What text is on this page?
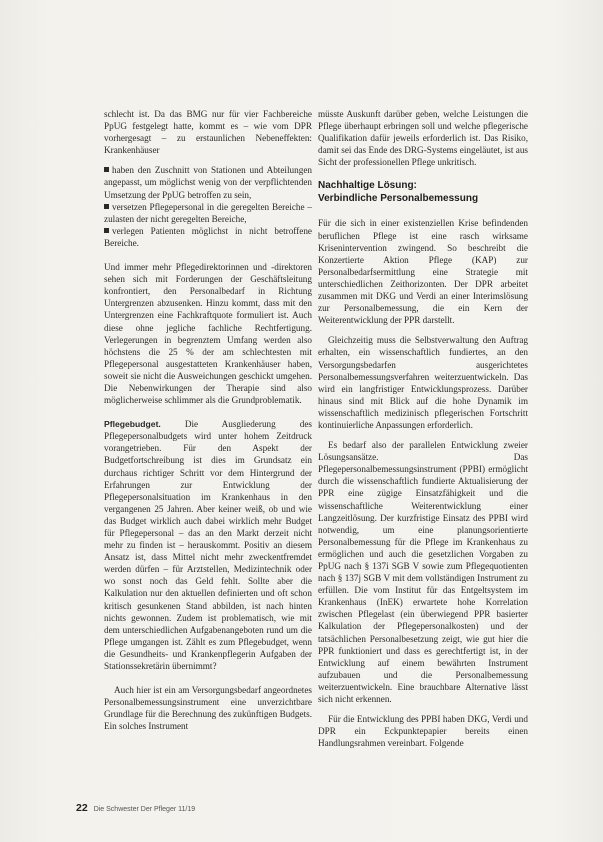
schlecht ist. Da das BMG nur für vier Fachbereiche PpUG festgelegt hatte, kommt es – wie vom DPR vorhergesagt – zu erstaunlichen Nebeneffekten: Krankenhäuser

haben den Zuschnitt von Stationen und Abteilungen angepasst, um möglichst wenig von der verpflichtenden Umsetzung der PpUG betroffen zu sein,
versetzen Pflegepersonal in die geregelten Bereiche – zulasten der nicht geregelten Bereiche,
verlegen Patienten möglichst in nicht betroffene Bereiche.

Und immer mehr Pflegedirektorinnen und -direktoren sehen sich mit Forderungen der Geschäftsleitung konfrontiert, den Personalbedarf in Richtung Untergrenzen abzusenken. Hinzu kommt, dass mit den Untergrenzen eine Fachkraftquote formuliert ist. Auch diese ohne jegliche fachliche Rechtfertigung. Verlegerungen in begrenztem Umfang werden also höchstens die 25 % der am schlechtesten mit Pflegepersonal ausgestatteten Krankenhäuser haben, soweit sie nicht die Ausweichungen geschickt umgehen. Die Nebenwirkungen der Therapie sind also möglicherweise schlimmer als die Grundproblematik.

Pflegebudget. Die Ausgliederung des Pflegepersonalbudgets wird unter hohem Zeitdruck vorangetrieben. Für den Aspekt der Budgetfortschreibung ist dies im Grundsatz ein durchaus richtiger Schritt vor dem Hintergrund der Erfahrungen zur Entwicklung der Pflegepersonalsituation im Krankenhaus in den vergangenen 25 Jahren. Aber keiner weiß, ob und wie das Budget wirklich auch dabei wirklich mehr Budget für Pflegepersonal – das an den Markt derzeit nicht mehr zu finden ist – herauskommt. Positiv an diesem Ansatz ist, dass Mittel nicht mehr zweckentfremdet werden dürfen – für Arztstellen, Medizintechnik oder wo sonst noch das Geld fehlt. Sollte aber die Kalkulation nur den aktuellen definierten und oft schon kritisch gesunkenen Stand abbilden, ist nach hinten nichts gewonnen. Zudem ist problematisch, wie mit dem unterschiedlichen Aufgabenangeboten rund um die Pflege umgangen ist. Zählt es zum Pflegebudget, wenn die Gesundheits- und Krankenpflegerin Aufgaben der Stationssekretärin übernimmt?

Auch hier ist ein am Versorgungsbedarf angeordnetes Personalbemessungsinstrument eine unverzichtbare Grundlage für die Berechnung des zukünftigen Budgets. Ein solches Instrument

müsste Auskunft darüber geben, welche Leistungen die Pflege überhaupt erbringen soll und welche pflegerische Qualifikation dafür jeweils erforderlich ist. Das Risiko, damit sei das Ende des DRG-Systems eingeläutet, ist aus Sicht der professionellen Pflege unkritisch.

Nachhaltige Lösung:
Verbindliche Personalbemessung

Für die sich in einer existenziellen Krise befindenden beruflichen Pflege ist eine rasch wirksame Krisenintervention zwingend. So beschreibt die Konzertierte Aktion Pflege (KAP) zur Personalbedarfsermittlung eine Strategie mit unterschiedlichen Zeithorizonten. Der DPR arbeitet zusammen mit DKG und Verdi an einer Interimslösung zur Personalbemessung, die ein Kern der Weiterentwicklung der PPR darstellt.

Gleichzeitig muss die Selbstverwaltung den Auftrag erhalten, ein wissenschaftlich fundiertes, an den Versorgungsbedarfen ausgerichtetes Personalbemessungsverfahren weiterzuentwickeln. Das wird ein langfristiger Entwicklungsprozess. Darüber hinaus sind mit Blick auf die hohe Dynamik im wissenschaftlich medizinisch pflegerischen Fortschritt kontinuierliche Anpassungen erforderlich.

Es bedarf also der parallelen Entwicklung zweier Lösungsansätze. Das Pflegepersonalbemessungsinstrument (PPBI) ermöglicht durch die wissenschaftlich fundierte Aktualisierung der PPR eine zügige Einsatzfähigkeit und die wissenschaftliche Weiterentwicklung einer Langzeitlösung. Der kurzfristige Einsatz des PPBI wird notwendig, um eine planungsorientierte Personalbemessung für die Pflege im Krankenhaus zu ermöglichen und auch die gesetzlichen Vorgaben zu PpUG nach § 137i SGB V sowie zum Pflegequotienten nach § 137j SGB V mit dem vollständigen Instrument zu erfüllen. Die vom Institut für das Entgeltsystem im Krankenhaus (InEK) erwartete hohe Korrelation zwischen Pflegelast (ein überwiegend PPR basierter Kalkulation der Pflegepersonalkosten) und der tatsächlichen Personalbesetzung zeigt, wie gut hier die PPR funktioniert und dass es gerechtfertigt ist, in der Entwicklung auf einem bewährten Instrument aufzubauen und die Personalbemessung weiterzuentwickeln. Eine brauchbare Alternative lässt sich nicht erkennen.

Für die Entwicklung des PPBI haben DKG, Verdi und DPR ein Eckpunktepapier bereits einen Handlungsrahmen vereinbart. Folgende

22 Die Schwester Der Pfleger 11/19
